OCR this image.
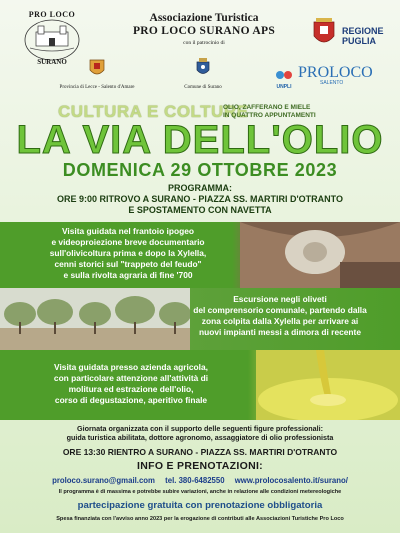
PRO LOCO
SURANO
Associazione Turistica
PRO LOCO SURANO APS
con il patrocinio di
Provincia di Lecce - Salento d'Amare	Comune di Surano
REGIONE
PUGLIA
UNPLI
PROLOCO
SALENTO
CULTURA E COLTURE
OLIO, ZAFFERANO E MIELE
IN QUATTRO APPUNTAMENTI
LA VIA DELL'OLIO
DOMENICA 29 OTTOBRE 2023
PROGRAMMA:
ORE 9:00 RITROVO A SURANO - PIAZZA SS. MARTIRI D'OTRANTO
E SPOSTAMENTO CON NAVETTA
Visita guidata nel frantoio ipogeo
e videoproiezione breve documentario
sull'olivicoltura prima e dopo la Xylella,
cenni storici sul "trappeto del feudo"
e sulla rivolta agraria di fine '700
Escursione negli oliveti
del comprensorio comunale, partendo dalla
zona colpita dalla Xylella per arrivare ai
nuovi impianti messi a dimora di recente
Visita guidata presso azienda agricola,
con particolare attenzione all'attività di
molitura ed estrazione dell'olio,
corso di degustazione, aperitivo finale
Giornata organizzata con il supporto delle seguenti figure professionali:
guida turistica abilitata, dottore agronomo, assaggiatore di olio professionista
ORE 13:30 RIENTRO A SURANO - PIAZZA SS. MARTIRI D'OTRANTO
INFO E PRENOTAZIONI:
proloco.surano@gmail.com tel. 380-6482550 www.prolocosalento.it/surano/
Il programma è di massima e potrebbe subire variazioni, anche in relazione alle condizioni metereologiche
partecipazione gratuita con prenotazione obbligatoria
Spesa finanziata con l'avviso anno 2023 per la erogazione di contributi alle Associazioni Turistiche Pro Loco
